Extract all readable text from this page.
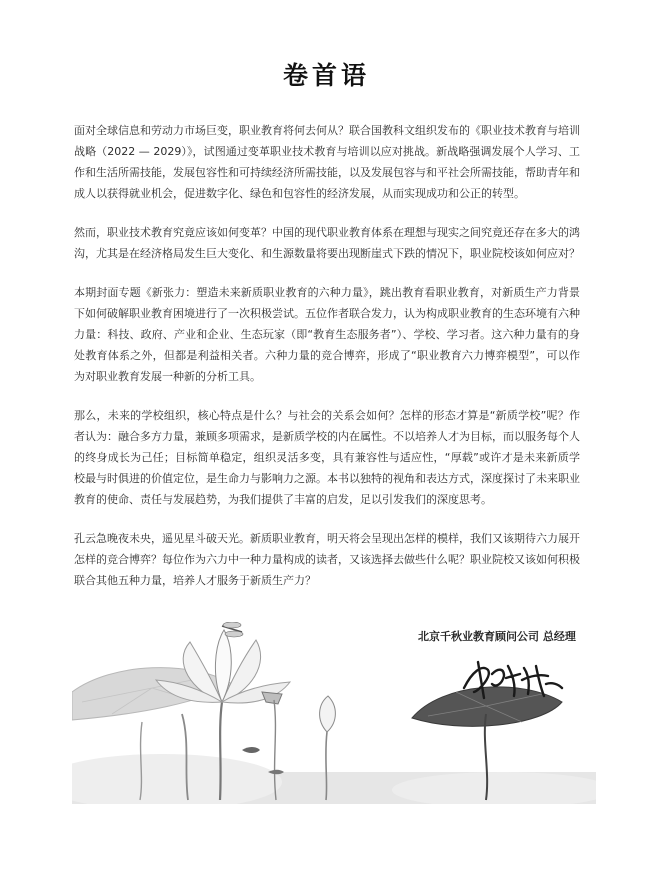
卷首语

面对全球信息和劳动力市场巨变，职业教育将何去何从？联合国教科文组织发布的《职业技术教育与培训战略（2022 — 2029）》，试图通过变革职业技术教育与培训以应对挑战。新战略强调发展个人学习、工作和生活所需技能，发展包容性和可持续经济所需技能，以及发展包容与和平社会所需技能，帮助青年和成人以获得就业机会，促进数字化、绿色和包容性的经济发展，从而实现成功和公正的转型。

然而，职业技术教育究竟应该如何变革？中国的现代职业教育体系在理想与现实之间究竟还存在多大的鸿沟，尤其是在经济格局发生巨大变化、和生源数量将要出现断崖式下跌的情况下，职业院校该如何应对？

本期封面专题《新张力：塑造未来新质职业教育的六种力量》，跳出教育看职业教育，对新质生产力背景下如何破解职业教育困境进行了一次积极尝试。五位作者联合发力，认为构成职业教育的生态环境有六种力量：科技、政府、产业和企业、生态玩家（即“教育生态服务者”）、学校、学习者。这六种力量有的身处教育体系之外，但都是利益相关者。六种力量的竞合博弈，形成了“职业教育六力博弈模型”，可以作为对职业教育发展一种新的分析工具。

那么，未来的学校组织，核心特点是什么？与社会的关系会如何？怎样的形态才算是“新质学校”呢？作者认为：融合多方力量，兼顾多项需求，是新质学校的内在属性。不以培养人才为目标，而以服务每个人的终身成长为己任；目标简单稳定，组织灵活多变，具有兼容性与适应性，“厚载”或许才是未来新质学校最与时俱进的价值定位，是生命力与影响力之源。本书以独特的视角和表达方式，深度探讨了未来职业教育的使命、责任与发展趋势，为我们提供了丰富的启发，足以引发我们的深度思考。

孔云急晚夜未央，遥见星斗破天光。新质职业教育，明天将会呈现出怎样的模样，我们又该期待六力展开怎样的竞合博弈？每位作为六力中一种力量构成的读者，又该选择去做些什么呢？职业院校又该如何积极联合其他五种力量，培养人才服务于新质生产力？

北京千秋业教育顾问公司 总经理
